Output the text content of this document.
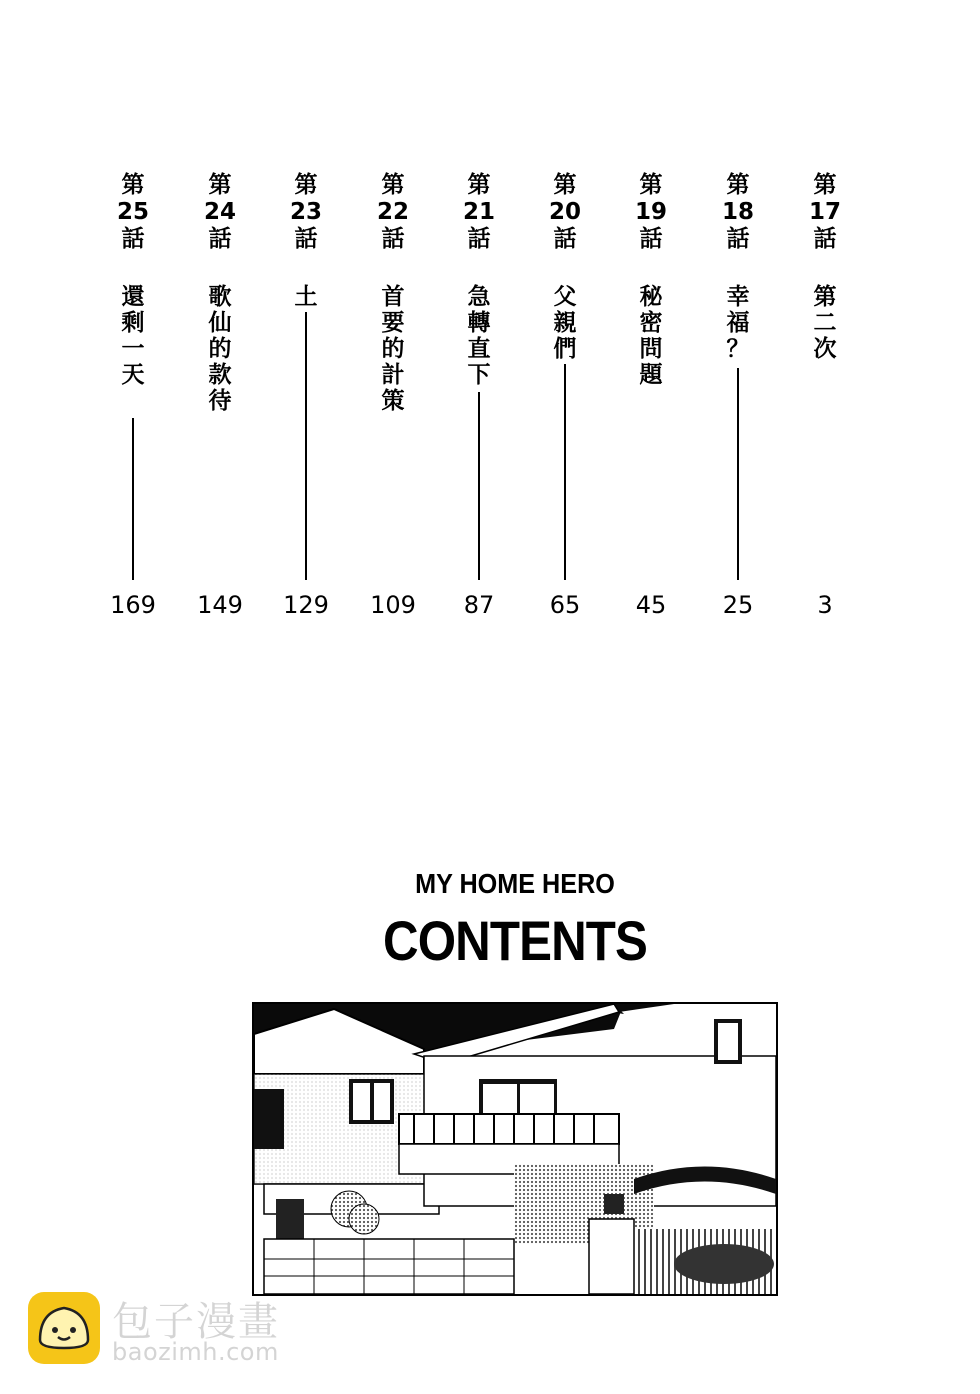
第
17
話
第
二
次
3
第
18
話
幸
福
？
25
第
19
話
秘
密
問
題
45
第
20
話
父
親
們
65
第
21
話
急
轉
直
下
87
第
22
話
首
要
的
計
策
109
第
23
話
土
129
第
24
話
歌
仙
的
款
待
149
第
25
話
還
剩
一
天
169
MY HOME HERO
CONTENTS
包子漫畫
baozimh.com
